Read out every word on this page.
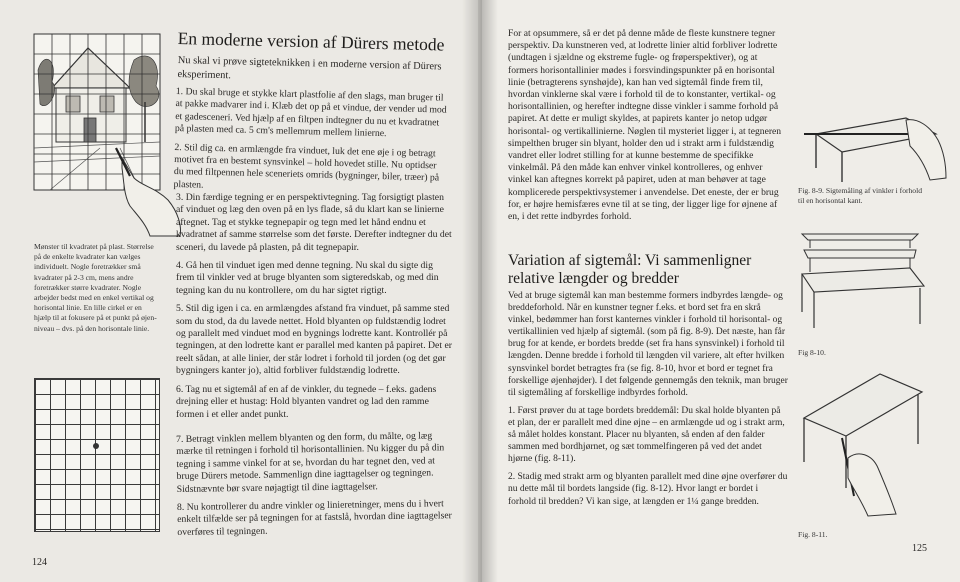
Mønster til kvadratet på plast. Størrelse på de enkelte kvadrater kan vælges individuelt. Nogle foretrækker små kvadrater på 2-3 cm, mens andre foretrækker større kvadrater. Nogle arbejder bedst med en enkel vertikal og horisontal linie. En lille cirkel er en hjælp til at fokusere på et punkt på øjen-niveau – dvs. på den horisontale linie.
124
En moderne version af Dürers metode

Nu skal vi prøve sigteteknikken i en moderne version af Dürers eksperiment.

1. Du skal bruge et stykke klart plastfolie af den slags, man bruger til at pakke madvarer ind i. Klæb det op på et vindue, der vender ud mod et gadesceneri. Ved hjælp af en filtpen indtegner du nu et kvadratnet på plasten med ca. 5 cm's mellemrum mellem linierne.

2. Stil dig ca. en armlængde fra vinduet, luk det ene øje i og betragt motivet fra en bestemt synsvinkel – hold hovedet stille. Nu optidser du med filtpennen hele sceneriets omrids (bygninger, biler, træer) på plasten.

3. Din færdige tegning er en perspektivtegning. Tag forsigtigt plasten af vinduet og læg den oven på en lys flade, så du klart kan se linierne aftegnet. Tag et stykke tegnepapir og tegn med let hånd endnu et kvadratnet af samme størrelse som det første. Derefter indtegner du det sceneri, du lavede på plasten, på dit tegnepapir.

4. Gå hen til vinduet igen med denne tegning. Nu skal du sigte dig frem til vinkler ved at bruge blyanten som sigteredskab, og med din tegning kan du nu kontrollere, om du har sigtet rigtigt.

5. Stil dig igen i ca. en armlængdes afstand fra vinduet, på samme sted som du stod, da du lavede nettet. Hold blyanten op fuldstændig lodret og parallelt med vinduet mod en bygnings lodrette kant. Kontrollér på tegningen, at den lodrette kant er parallel med kanten på papiret. Det er reelt sådan, at alle linier, der står lodret i forhold til jorden (og det gør bygningers kanter jo), altid forbliver fuldstændig lodrette.

6. Tag nu et sigtemål af en af de vinkler, du tegnede – f.eks. gadens drejning eller et hustag: Hold blyanten vandret og lad den ramme formen i et eller andet punkt.

7. Betragt vinklen mellem blyanten og den form, du målte, og læg mærke til retningen i forhold til horisontallinien. Nu kigger du på din tegning i samme vinkel for at se, hvordan du har tegnet den, ved at bruge Dürers metode. Sammenlign dine iagttagelser og tegningen. Sidstnævnte bør svare nøjagtigt til dine iagttagelser.

8. Nu kontrollerer du andre vinkler og linieretninger, mens du i hvert enkelt tilfælde ser på tegningen for at fastslå, hvordan dine iagttagelser overføres til tegningen.

For at opsummere, så er det på denne måde de fleste kunstnere tegner perspektiv. Da kunstneren ved, at lodrette linier altid forbliver lodrette (undtagen i sjældne og ekstreme fugle- og frøperspektiver), og at formers horisontallinier mødes i forsvindingspunkter på en horisontal linie (betragterens synshøjde), kan han ved sigtemål finde frem til, hvordan vinklerne skal være i forhold til de to konstanter, vertikal- og horisontallinien, og herefter indtegne disse vinkler i samme forhold på papiret. At dette er muligt skyldes, at papirets kanter jo netop udgør horisontal- og vertikallinierne. Nøglen til mysteriet ligger i, at tegneren simpelthen bruger sin blyant, holder den ud i strakt arm i fuldstændig vandret eller lodret stilling for at kunne bestemme de specifikke vinkelmål. På den måde kan enhver vinkel kontrolleres, og enhver vinkel kan aftegnes korrekt på papiret, uden at man behøver at tage komplicerede perspektivsystemer i anvendelse. Det eneste, der er brug for, er højre hemisfæres evne til at se ting, der ligger lige for øjnene af en, i det rette indbyrdes forhold.
Variation af sigtemål: Vi sammenligner relative længder og bredder

Ved at bruge sigtemål kan man bestemme formers indbyrdes længde- og breddeforhold. Når en kunstner tegner f.eks. et bord set fra en skrå vinkel, bedømmer han forst kanternes vinkler i forhold til horisontal- og vertikallinien ved hjælp af sigtemål. (som på fig. 8-9). Det næste, han får brug for at kende, er bordets bredde (set fra hans synsvinkel) i forhold til længden. Denne bredde i forhold til længden vil variere, alt efter hvilken synsvinkel bordet betragtes fra (se fig. 8-10, hvor et bord er tegnet fra forskellige øjenhøjder). I det følgende gennemgås den teknik, man bruger til sigtemåling af forskellige indbyrdes forhold.

1. Først prøver du at tage bordets breddemål: Du skal holde blyanten på et plan, der er parallelt med dine øjne – en armlængde ud og i strakt arm, så målet holdes konstant. Placer nu blyanten, så enden af den falder sammen med bordhjørnet, og sæt tommelfingeren på ved det andet hjørne (fig. 8-11).

2. Stadig med strakt arm og blyanten parallelt med dine øjne overfører du nu dette mål til bordets langside (fig. 8-12). Hvor langt er bordet i forhold til bredden? Vi kan sige, at længden er 1¼ gange bredden.

Fig. 8-9. Sigtemåling af vinkler i forhold til en horisontal kant.
Fig 8-10.
Fig. 8-11.
125
